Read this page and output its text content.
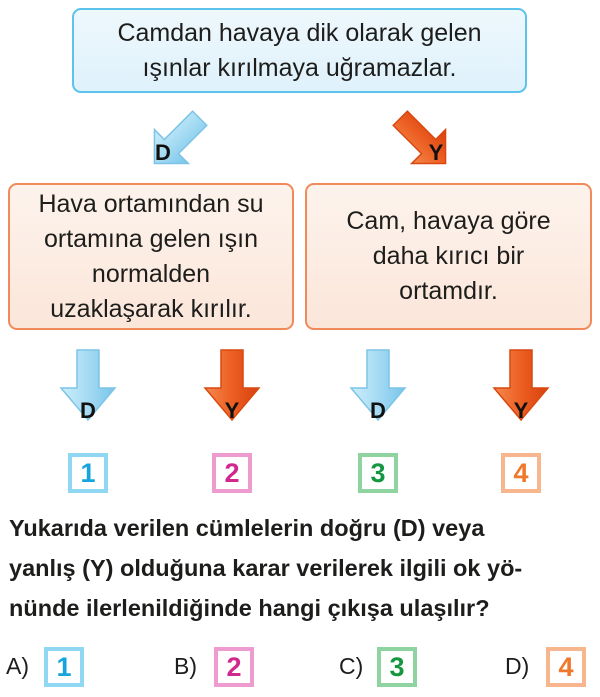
D	Y
D	Y	D	Y
Camdan havaya dik olarak gelen
ışınlar kırılmaya uğramazlar.
Hava ortamından su
ortamına gelen ışın
normalden
uzaklaşarak kırılır.
Cam, havaya göre
daha kırıcı bir
ortamdır.
1	2	3	4

Yukarıda verilen cümlelerin doğru (D) veya
yanlış (Y) olduğuna karar verilerek ilgili ok yö-
nünde ilerlenildiğinde hangi çıkışa ulaşılır?

A)	1	B)	2	C) 3	D)	4
